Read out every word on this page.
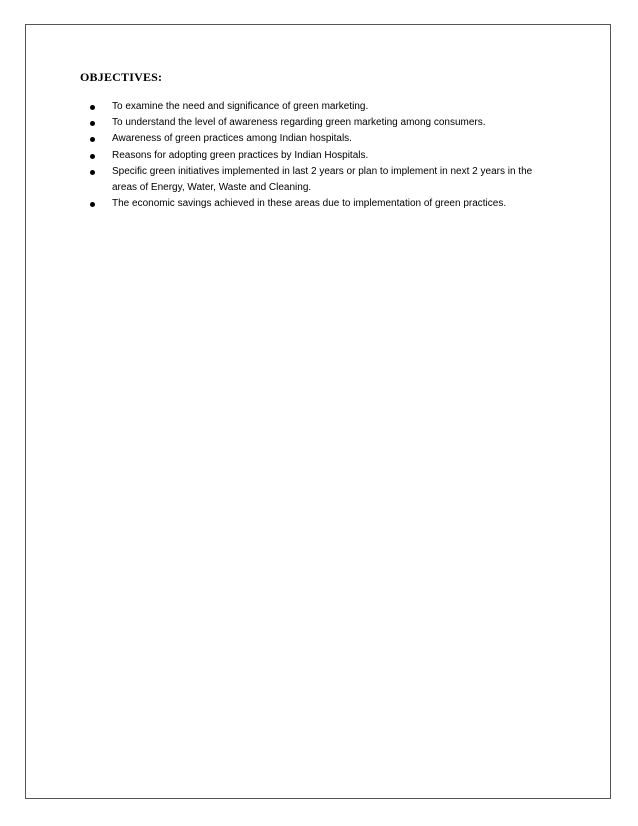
OBJECTIVES:
To examine the need and significance of green marketing.
To understand the level of awareness regarding green marketing among consumers.
Awareness of green practices among Indian hospitals.
Reasons for adopting green practices by Indian Hospitals.
Specific green initiatives implemented in last 2 years or plan to implement in next 2 years in the areas of Energy, Water, Waste and Cleaning.
The economic savings achieved in these areas due to implementation of green practices.
